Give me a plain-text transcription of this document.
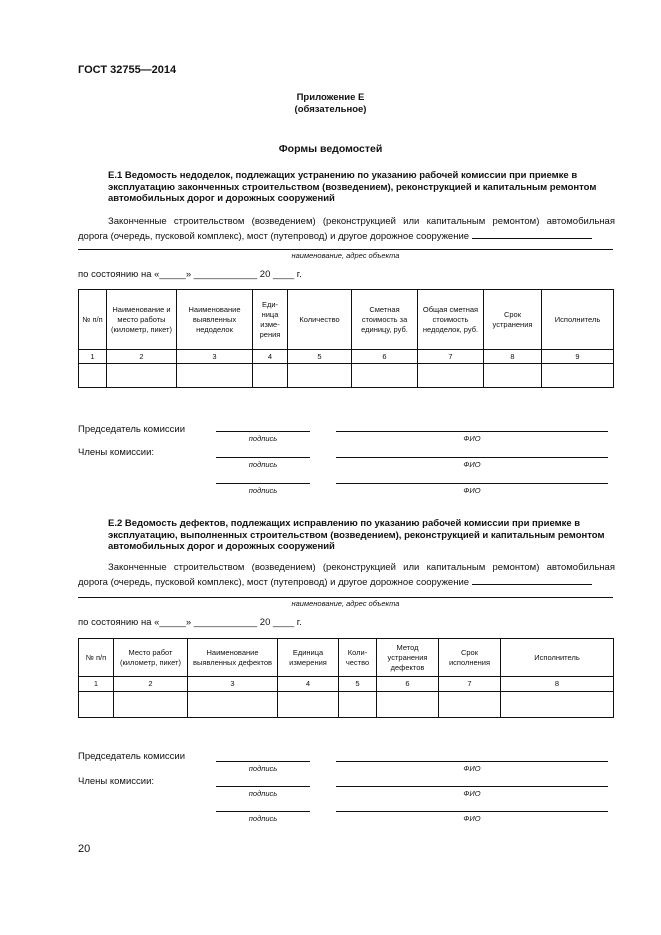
ГОСТ 32755—2014
Приложение Е
(обязательное)
Формы ведомостей
Е.1 Ведомость недоделок, подлежащих устранению по указанию рабочей комиссии при приемке в эксплуатацию законченных строительством (возведением), реконструкцией и капитальным ремонтом автомобильных дорог и дорожных сооружений
Законченные строительством (возведением) (реконструкцией или капитальным ремонтом) автомобильная дорога (очередь, пусковой комплекс), мост (путепровод) и другое дорожное сооружение
наименование, адрес объекта
по состоянию на «_____» ____________ 20 ____ г.
№ п/п	Наименование и место работы (километр, пикет)	Наименование выявленных недоделок	Еди-ница изме-рения	Количество	Сметная стоимость за единицу, руб.	Общая сметная стоимость недоделок, руб.	Срок устранения	Исполнитель
1	2	3	4	5	6	7	8	9

Председатель комиссии
подпись	ФИО
Члены комиссии:
подпись	ФИО
подпись	ФИО
Е.2 Ведомость дефектов, подлежащих исправлению по указанию рабочей комиссии при приемке в эксплуатацию, выполненных строительством (возведением), реконструкцией и капитальным ремонтом автомобильных дорог и дорожных сооружений
Законченные строительством (возведением) (реконструкцией или капитальным ремонтом) автомобильная дорога (очередь, пусковой комплекс), мост (путепровод) и другое дорожное сооружение
наименование, адрес объекта
по состоянию на «_____» ____________ 20 ____ г.
№ п/п	Место работ (километр, пикет)	Наименование выявленных дефектов	Единица измерения	Коли-чество	Метод устранения дефектов	Срок исполнения	Исполнитель
1	2	3	4	5	6	7	8

Председатель комиссии
подпись	ФИО
Члены комиссии:
подпись	ФИО
подпись	ФИО
20
